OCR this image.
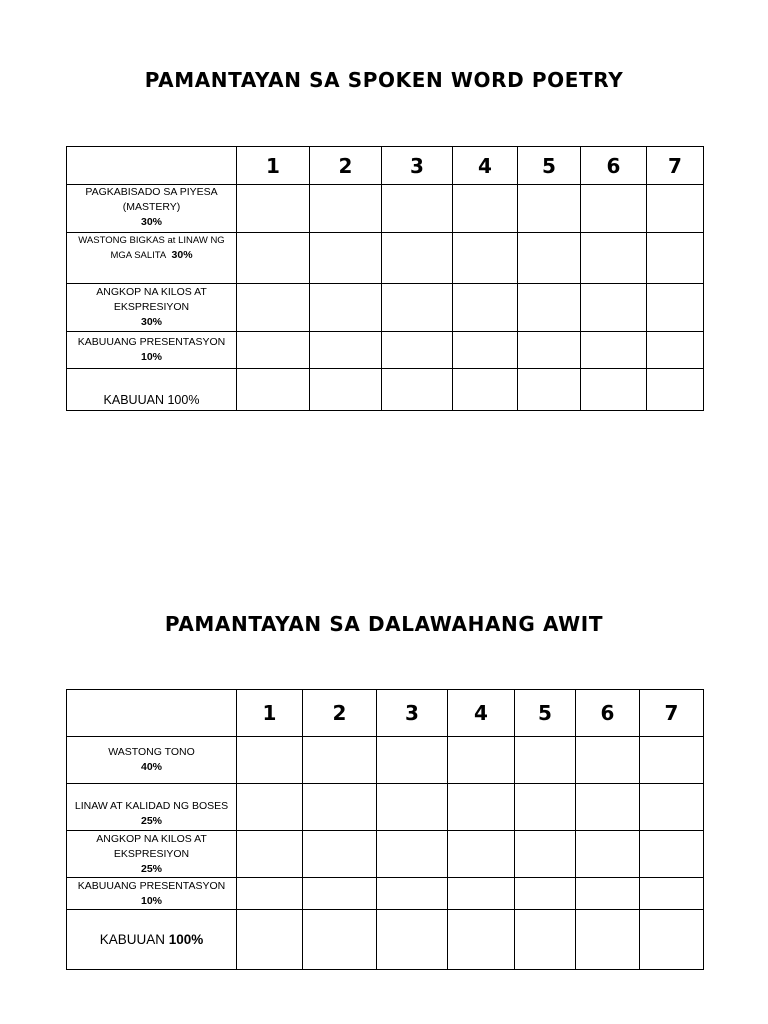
PAMANTAYAN SA SPOKEN WORD POETRY
	1	2	3	4	5	6	7

PAGKABISADO SA PIYESA
(MASTERY)
30%							

WASTONG BIGKAS at LINAW NG
MGA SALITA 30%							

ANGKOP NA KILOS AT
EKSPRESIYON
30%							

KABUUANG PRESENTASYON
10%							

KABUUAN 100%							
PAMANTAYAN SA DALAWAHANG AWIT
	1	2	3	4	5	6	7

WASTONG TONO
40%							

LINAW AT KALIDAD NG BOSES
25%							

ANGKOP NA KILOS AT
EKSPRESIYON
25%							

KABUUANG PRESENTASYON
10%							

KABUUAN 100%							
